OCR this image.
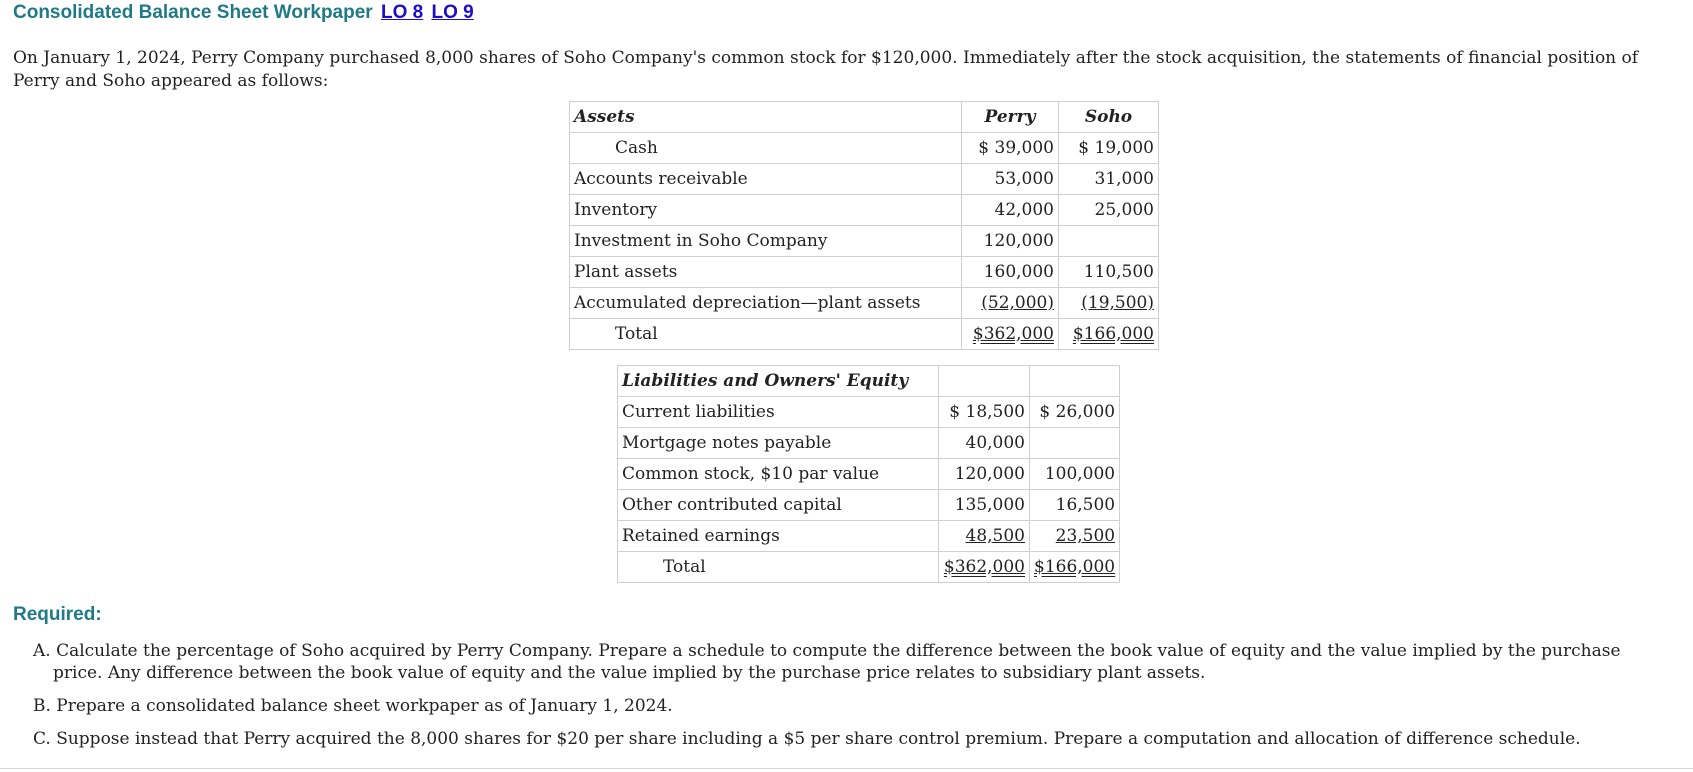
Consolidated Balance Sheet Workpaper LO 8 LO 9
On January 1, 2024, Perry Company purchased 8,000 shares of Soho Company's common stock for $120,000. Immediately after the stock acquisition, the statements of financial position of Perry and Soho appeared as follows:
Assets	Perry	Soho
Cash	$ 39,000	$ 19,000
Accounts receivable	53,000	31,000
Inventory	42,000	25,000
Investment in Soho Company	120,000	
Plant assets	160,000	110,500
Accumulated depreciation—plant assets	(52,000)	(19,500)
Total	$362,000	$166,000
Liabilities and Owners' Equity		
Current liabilities	$ 18,500	$ 26,000
Mortgage notes payable	40,000	
Common stock, $10 par value	120,000	100,000
Other contributed capital	135,000	16,500
Retained earnings	48,500	23,500
Total	$362,000	$166,000
Required:
A. Calculate the percentage of Soho acquired by Perry Company. Prepare a schedule to compute the difference between the book value of equity and the value implied by the purchase price. Any difference between the book value of equity and the value implied by the purchase price relates to subsidiary plant assets.
B. Prepare a consolidated balance sheet workpaper as of January 1, 2024.
C. Suppose instead that Perry acquired the 8,000 shares for $20 per share including a $5 per share control premium. Prepare a computation and allocation of difference schedule.
